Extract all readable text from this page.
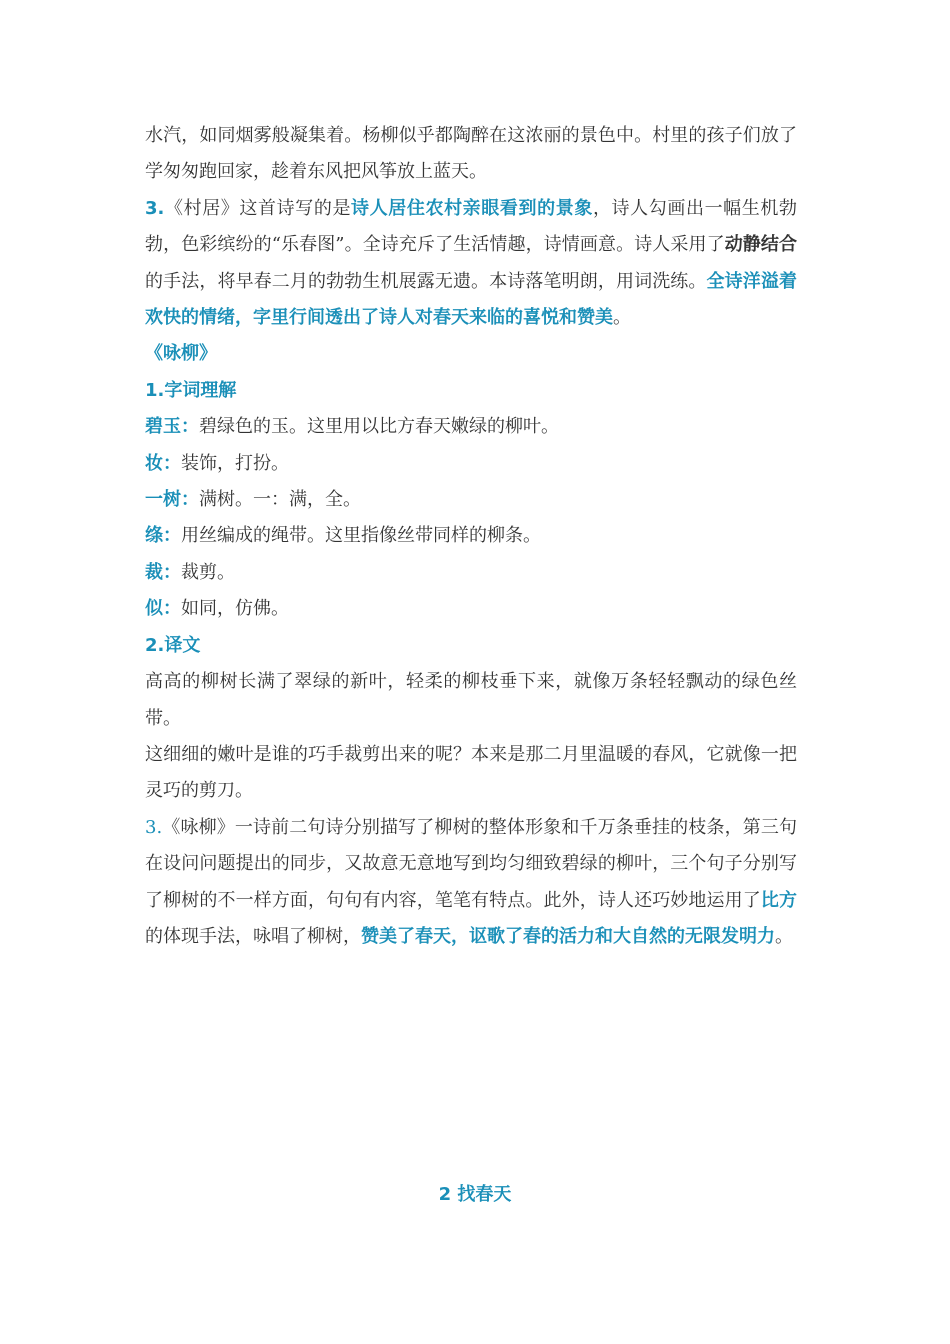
水汽，如同烟雾般凝集着。杨柳似乎都陶醉在这浓丽的景色中。村里的孩子们放了学匆匆跑回家，趁着东风把风筝放上蓝天。

3.《村居》这首诗写的是诗人居住农村亲眼看到的景象，诗人勾画出一幅生机勃勃，色彩缤纷的“乐春图”。全诗充斥了生活情趣，诗情画意。诗人采用了动静结合的手法，将早春二月的勃勃生机展露无遗。本诗落笔明朗，用词洗练。全诗洋溢着欢快的情绪，字里行间透出了诗人对春天来临的喜悦和赞美。

《咏柳》

1.字词理解

碧玉：碧绿色的玉。这里用以比方春天嫩绿的柳叶。

妆：装饰，打扮。

一树：满树。一：满，全。

绦：用丝编成的绳带。这里指像丝带同样的柳条。

裁：裁剪。

似：如同，仿佛。

2.译文

高高的柳树长满了翠绿的新叶，轻柔的柳枝垂下来，就像万条轻轻飘动的绿色丝带。

这细细的嫩叶是谁的巧手裁剪出来的呢？本来是那二月里温暖的春风，它就像一把灵巧的剪刀。

3.《咏柳》一诗前二句诗分别描写了柳树的整体形象和千万条垂挂的枝条，第三句在设问问题提出的同步，又故意无意地写到均匀细致碧绿的柳叶，三个句子分别写了柳树的不一样方面，句句有内容，笔笔有特点。此外，诗人还巧妙地运用了比方的体现手法，咏唱了柳树，赞美了春天，讴歌了春的活力和大自然的无限发明力。

2 找春天
